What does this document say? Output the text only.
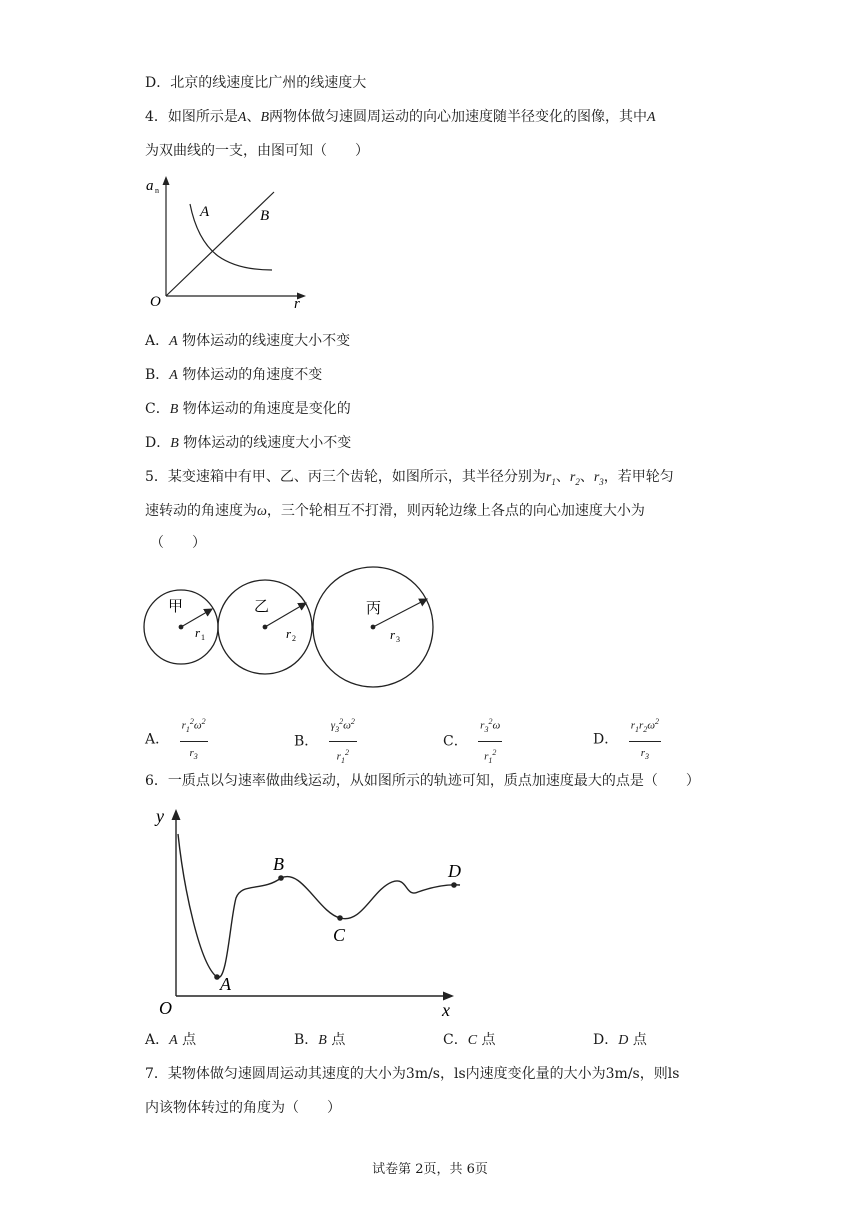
D．北京的线速度比广州的线速度大
4．如图所示是A、B两物体做匀速圆周运动的向心加速度随半径变化的图像，其中A
为双曲线的一支，由图可知（　　）
a n
r
O
A	B
A．A 物体运动的线速度大小不变
B．A 物体运动的角速度不变
C．B 物体运动的角速度是变化的
D．B 物体运动的线速度大小不变
5．某变速箱中有甲、乙、丙三个齿轮，如图所示，其半径分别为$r_1$、$r_2$、$r_3$，若甲轮匀
速转动的角速度为ω，三个轮相互不打滑，则丙轮边缘上各点的向心加速度大小为
（　　）
甲
r 1
乙
r 2
丙
r 3
A． $\frac{r_1^2\omega^2}{r_3}$	B． $\frac{\gamma_3^2\omega^2}{r_1^2}$	C． $\frac{r_3^2\omega}{r_1^2}$	D． $\frac{r_1r_2\omega^2}{r_3}$
6．一质点以匀速率做曲线运动，从如图所示的轨迹可知，质点加速度最大的点是（　　）
y
x
O
A
B
C
D
A．A 点	B．B 点	C．C 点	D．D 点
7．某物体做匀速圆周运动其速度的大小为3m/s，ls内速度变化量的大小为3m/s，则ls
内该物体转过的角度为（　　）
试卷第 2页，共 6页
